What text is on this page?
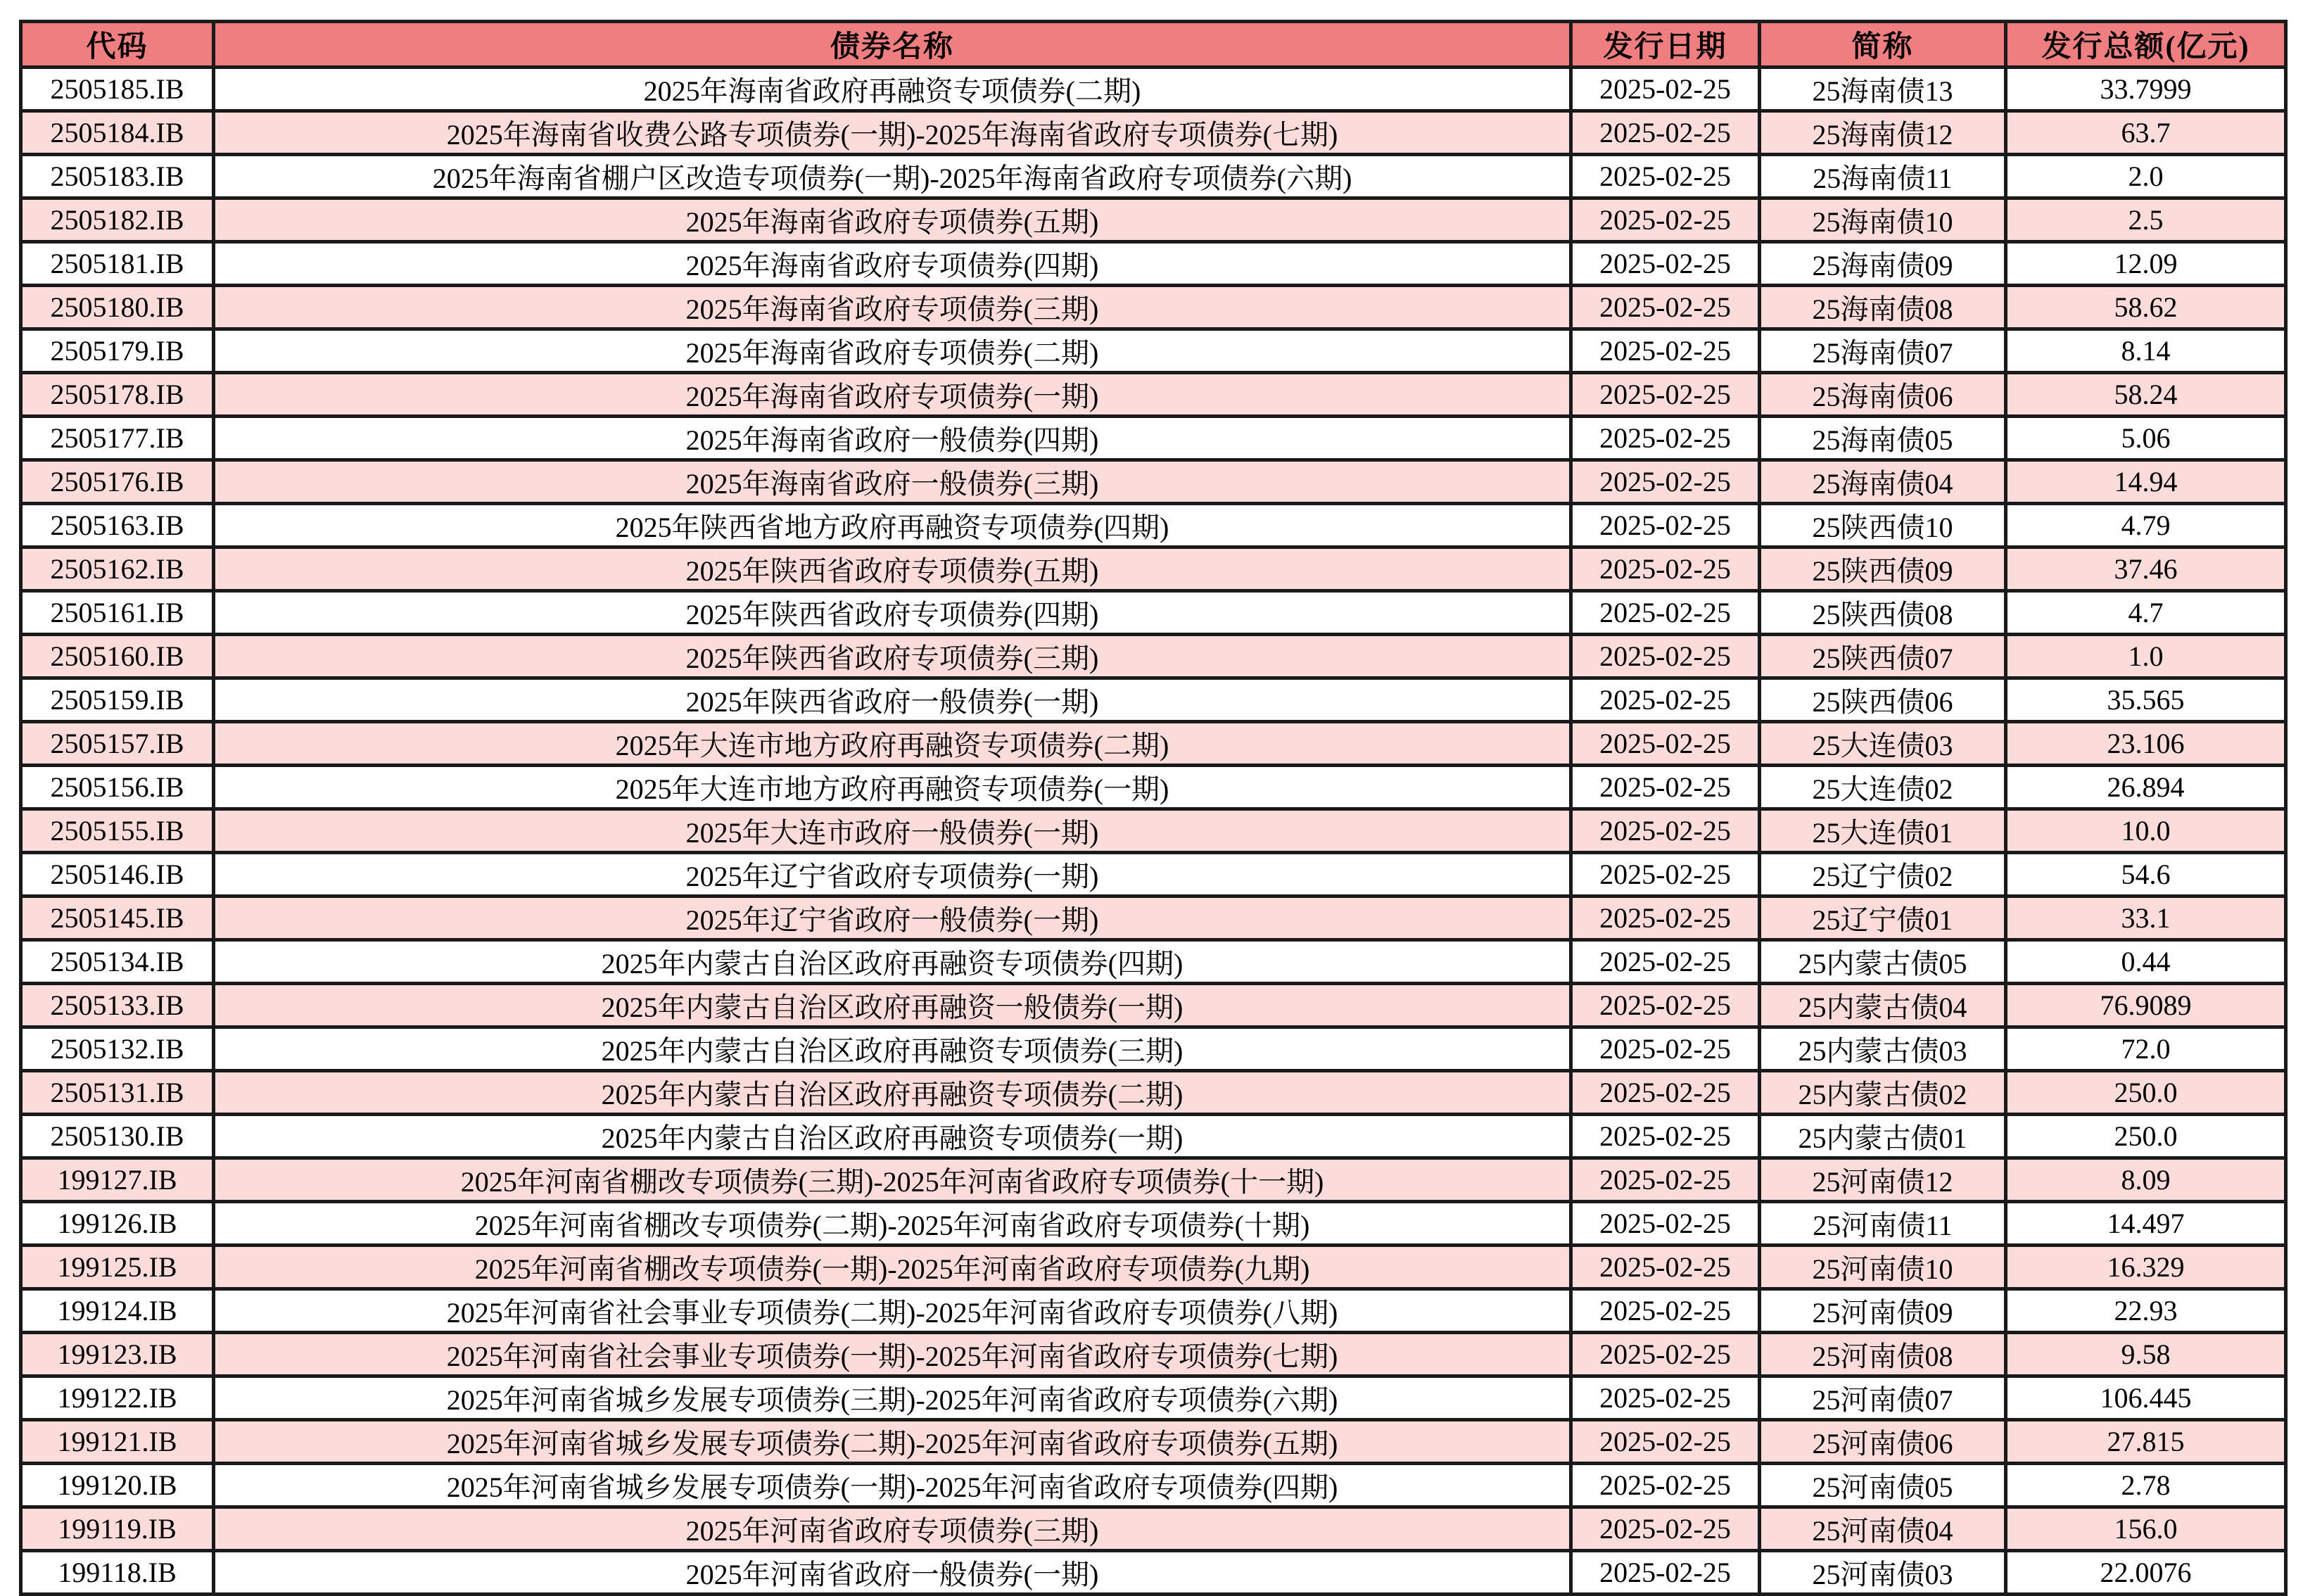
代码	债券名称	发行日期	简称	发行总额(亿元)
2505185.IB	2025年海南省政府再融资专项债券(二期)	2025-02-25	25海南债13	33.7999
2505184.IB	2025年海南省收费公路专项债券(一期)-2025年海南省政府专项债券(七期)	2025-02-25	25海南债12	63.7
2505183.IB	2025年海南省棚户区改造专项债券(一期)-2025年海南省政府专项债券(六期)	2025-02-25	25海南债11	2.0
2505182.IB	2025年海南省政府专项债券(五期)	2025-02-25	25海南债10	2.5
2505181.IB	2025年海南省政府专项债券(四期)	2025-02-25	25海南债09	12.09
2505180.IB	2025年海南省政府专项债券(三期)	2025-02-25	25海南债08	58.62
2505179.IB	2025年海南省政府专项债券(二期)	2025-02-25	25海南债07	8.14
2505178.IB	2025年海南省政府专项债券(一期)	2025-02-25	25海南债06	58.24
2505177.IB	2025年海南省政府一般债券(四期)	2025-02-25	25海南债05	5.06
2505176.IB	2025年海南省政府一般债券(三期)	2025-02-25	25海南债04	14.94
2505163.IB	2025年陕西省地方政府再融资专项债券(四期)	2025-02-25	25陕西债10	4.79
2505162.IB	2025年陕西省政府专项债券(五期)	2025-02-25	25陕西债09	37.46
2505161.IB	2025年陕西省政府专项债券(四期)	2025-02-25	25陕西债08	4.7
2505160.IB	2025年陕西省政府专项债券(三期)	2025-02-25	25陕西债07	1.0
2505159.IB	2025年陕西省政府一般债券(一期)	2025-02-25	25陕西债06	35.565
2505157.IB	2025年大连市地方政府再融资专项债券(二期)	2025-02-25	25大连债03	23.106
2505156.IB	2025年大连市地方政府再融资专项债券(一期)	2025-02-25	25大连债02	26.894
2505155.IB	2025年大连市政府一般债券(一期)	2025-02-25	25大连债01	10.0
2505146.IB	2025年辽宁省政府专项债券(一期)	2025-02-25	25辽宁债02	54.6
2505145.IB	2025年辽宁省政府一般债券(一期)	2025-02-25	25辽宁债01	33.1
2505134.IB	2025年内蒙古自治区政府再融资专项债券(四期)	2025-02-25	25内蒙古债05	0.44
2505133.IB	2025年内蒙古自治区政府再融资一般债券(一期)	2025-02-25	25内蒙古债04	76.9089
2505132.IB	2025年内蒙古自治区政府再融资专项债券(三期)	2025-02-25	25内蒙古债03	72.0
2505131.IB	2025年内蒙古自治区政府再融资专项债券(二期)	2025-02-25	25内蒙古债02	250.0
2505130.IB	2025年内蒙古自治区政府再融资专项债券(一期)	2025-02-25	25内蒙古债01	250.0
199127.IB	2025年河南省棚改专项债券(三期)-2025年河南省政府专项债券(十一期)	2025-02-25	25河南债12	8.09
199126.IB	2025年河南省棚改专项债券(二期)-2025年河南省政府专项债券(十期)	2025-02-25	25河南债11	14.497
199125.IB	2025年河南省棚改专项债券(一期)-2025年河南省政府专项债券(九期)	2025-02-25	25河南债10	16.329
199124.IB	2025年河南省社会事业专项债券(二期)-2025年河南省政府专项债券(八期)	2025-02-25	25河南债09	22.93
199123.IB	2025年河南省社会事业专项债券(一期)-2025年河南省政府专项债券(七期)	2025-02-25	25河南债08	9.58
199122.IB	2025年河南省城乡发展专项债券(三期)-2025年河南省政府专项债券(六期)	2025-02-25	25河南债07	106.445
199121.IB	2025年河南省城乡发展专项债券(二期)-2025年河南省政府专项债券(五期)	2025-02-25	25河南债06	27.815
199120.IB	2025年河南省城乡发展专项债券(一期)-2025年河南省政府专项债券(四期)	2025-02-25	25河南债05	2.78
199119.IB	2025年河南省政府专项债券(三期)	2025-02-25	25河南债04	156.0
199118.IB	2025年河南省政府一般债券(一期)	2025-02-25	25河南债03	22.0076
